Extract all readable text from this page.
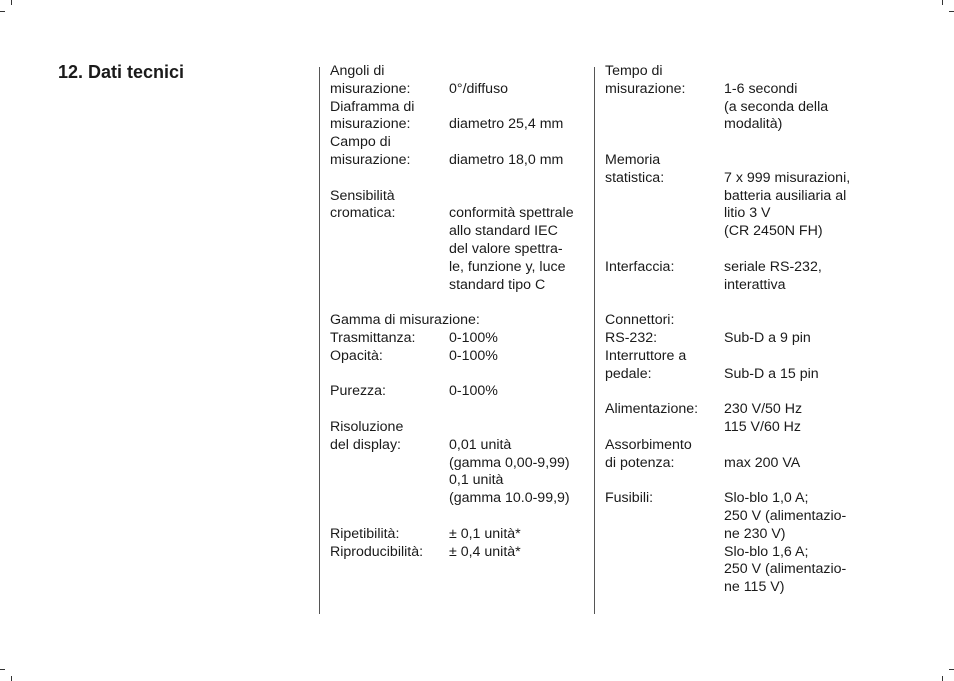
12. Dati tecnici	Angoli di
misurazione:	0°/diffuso
Diaframma di
misurazione:	diametro 25,4 mm
Campo di
misurazione:	diametro 18,0 mm
Sensibilità
cromatica:	conformità spettrale
allo standard IEC
del valore spettra-
le, funzione y, luce
standard tipo C
Gamma di misurazione:
Trasmittanza: 0-100%
Opacità:	0-100%
Purezza:	0-100%
Risoluzione
del display:	0,01 unità
(gamma 0,00-9,99)
0,1 unità
(gamma 10.0-99,9)
Ripetibilità:	± 0,1 unità*
Riproducibilità: ± 0,4 unità*
Tempo di
misurazione:	1-6 secondi
(a seconda della
modalità)
Memoria
statistica:	7 x 999 misurazioni,
batteria ausiliaria al
litio 3 V
(CR 2450N FH)
Interfaccia:	seriale RS-232,
interattiva
Connettori:
RS-232:	Sub-D a 9 pin
Interruttore a
pedale:	Sub-D a 15 pin
Alimentazione: 230 V/50 Hz
115 V/60 Hz
Assorbimento
di potenza:	max 200 VA
Fusibili:	Slo-blo 1,0 A;
250 V (alimentazio-
ne 230 V)
Slo-blo 1,6 A;
250 V (alimentazio-
ne 115 V)
